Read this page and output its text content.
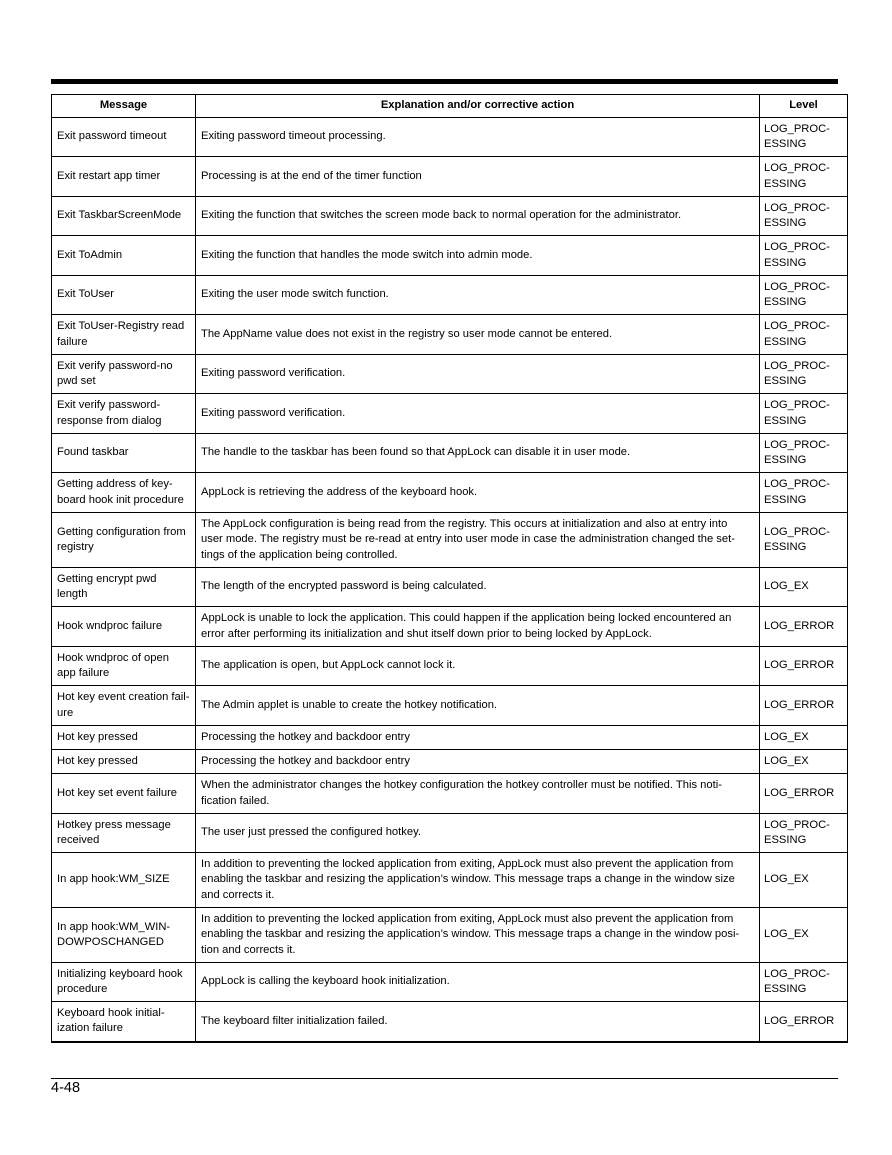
Message	Explanation and/or corrective action	Level
Exit password timeout	Exiting password timeout processing.	LOG_PROC-
ESSING
Exit restart app timer	Processing is at the end of the timer function	LOG_PROC-
ESSING
Exit TaskbarScreenMode	Exiting the function that switches the screen mode back to normal operation for the administrator.	LOG_PROC-
ESSING
Exit ToAdmin	Exiting the function that handles the mode switch into admin mode.	LOG_PROC-
ESSING
Exit ToUser	Exiting the user mode switch function.	LOG_PROC-
ESSING
Exit ToUser-Registry read
failure	The AppName value does not exist in the registry so user mode cannot be entered.	LOG_PROC-
ESSING
Exit verify password-no
pwd set	Exiting password verification.	LOG_PROC-
ESSING
Exit verify password-
response from dialog	Exiting password verification.	LOG_PROC-
ESSING
Found taskbar	The handle to the taskbar has been found so that AppLock can disable it in user mode.	LOG_PROC-
ESSING
Getting address of key-
board hook init procedure	AppLock is retrieving the address of the keyboard hook.	LOG_PROC-
ESSING
Getting configuration from
registry	The AppLock configuration is being read from the registry. This occurs at initialization and also at entry into
user mode. The registry must be re-read at entry into user mode in case the administration changed the set-
tings of the application being controlled.	LOG_PROC-
ESSING
Getting encrypt pwd
length	The length of the encrypted password is being calculated.	LOG_EX
Hook wndproc failure	AppLock is unable to lock the application. This could happen if the application being locked encountered an
error after performing its initialization and shut itself down prior to being locked by AppLock.	LOG_ERROR
Hook wndproc of open
app failure	The application is open, but AppLock cannot lock it.	LOG_ERROR
Hot key event creation fail-
ure	The Admin applet is unable to create the hotkey notification.	LOG_ERROR
Hot key pressed	Processing the hotkey and backdoor entry	LOG_EX
Hot key pressed	Processing the hotkey and backdoor entry	LOG_EX
Hot key set event failure	When the administrator changes the hotkey configuration the hotkey controller must be notified. This noti-
fication failed.	LOG_ERROR
Hotkey press message
received	The user just pressed the configured hotkey.	LOG_PROC-
ESSING
In app hook:WM_SIZE	In addition to preventing the locked application from exiting, AppLock must also prevent the application from
enabling the taskbar and resizing the application’s window. This message traps a change in the window size
and corrects it.	LOG_EX
In app hook:WM_WIN-
DOWPOSCHANGED	In addition to preventing the locked application from exiting, AppLock must also prevent the application from
enabling the taskbar and resizing the application’s window. This message traps a change in the window posi-
tion and corrects it.	LOG_EX
Initializing keyboard hook
procedure	AppLock is calling the keyboard hook initialization.	LOG_PROC-
ESSING
Keyboard hook initial-
ization failure	The keyboard filter initialization failed.	LOG_ERROR
4-48
